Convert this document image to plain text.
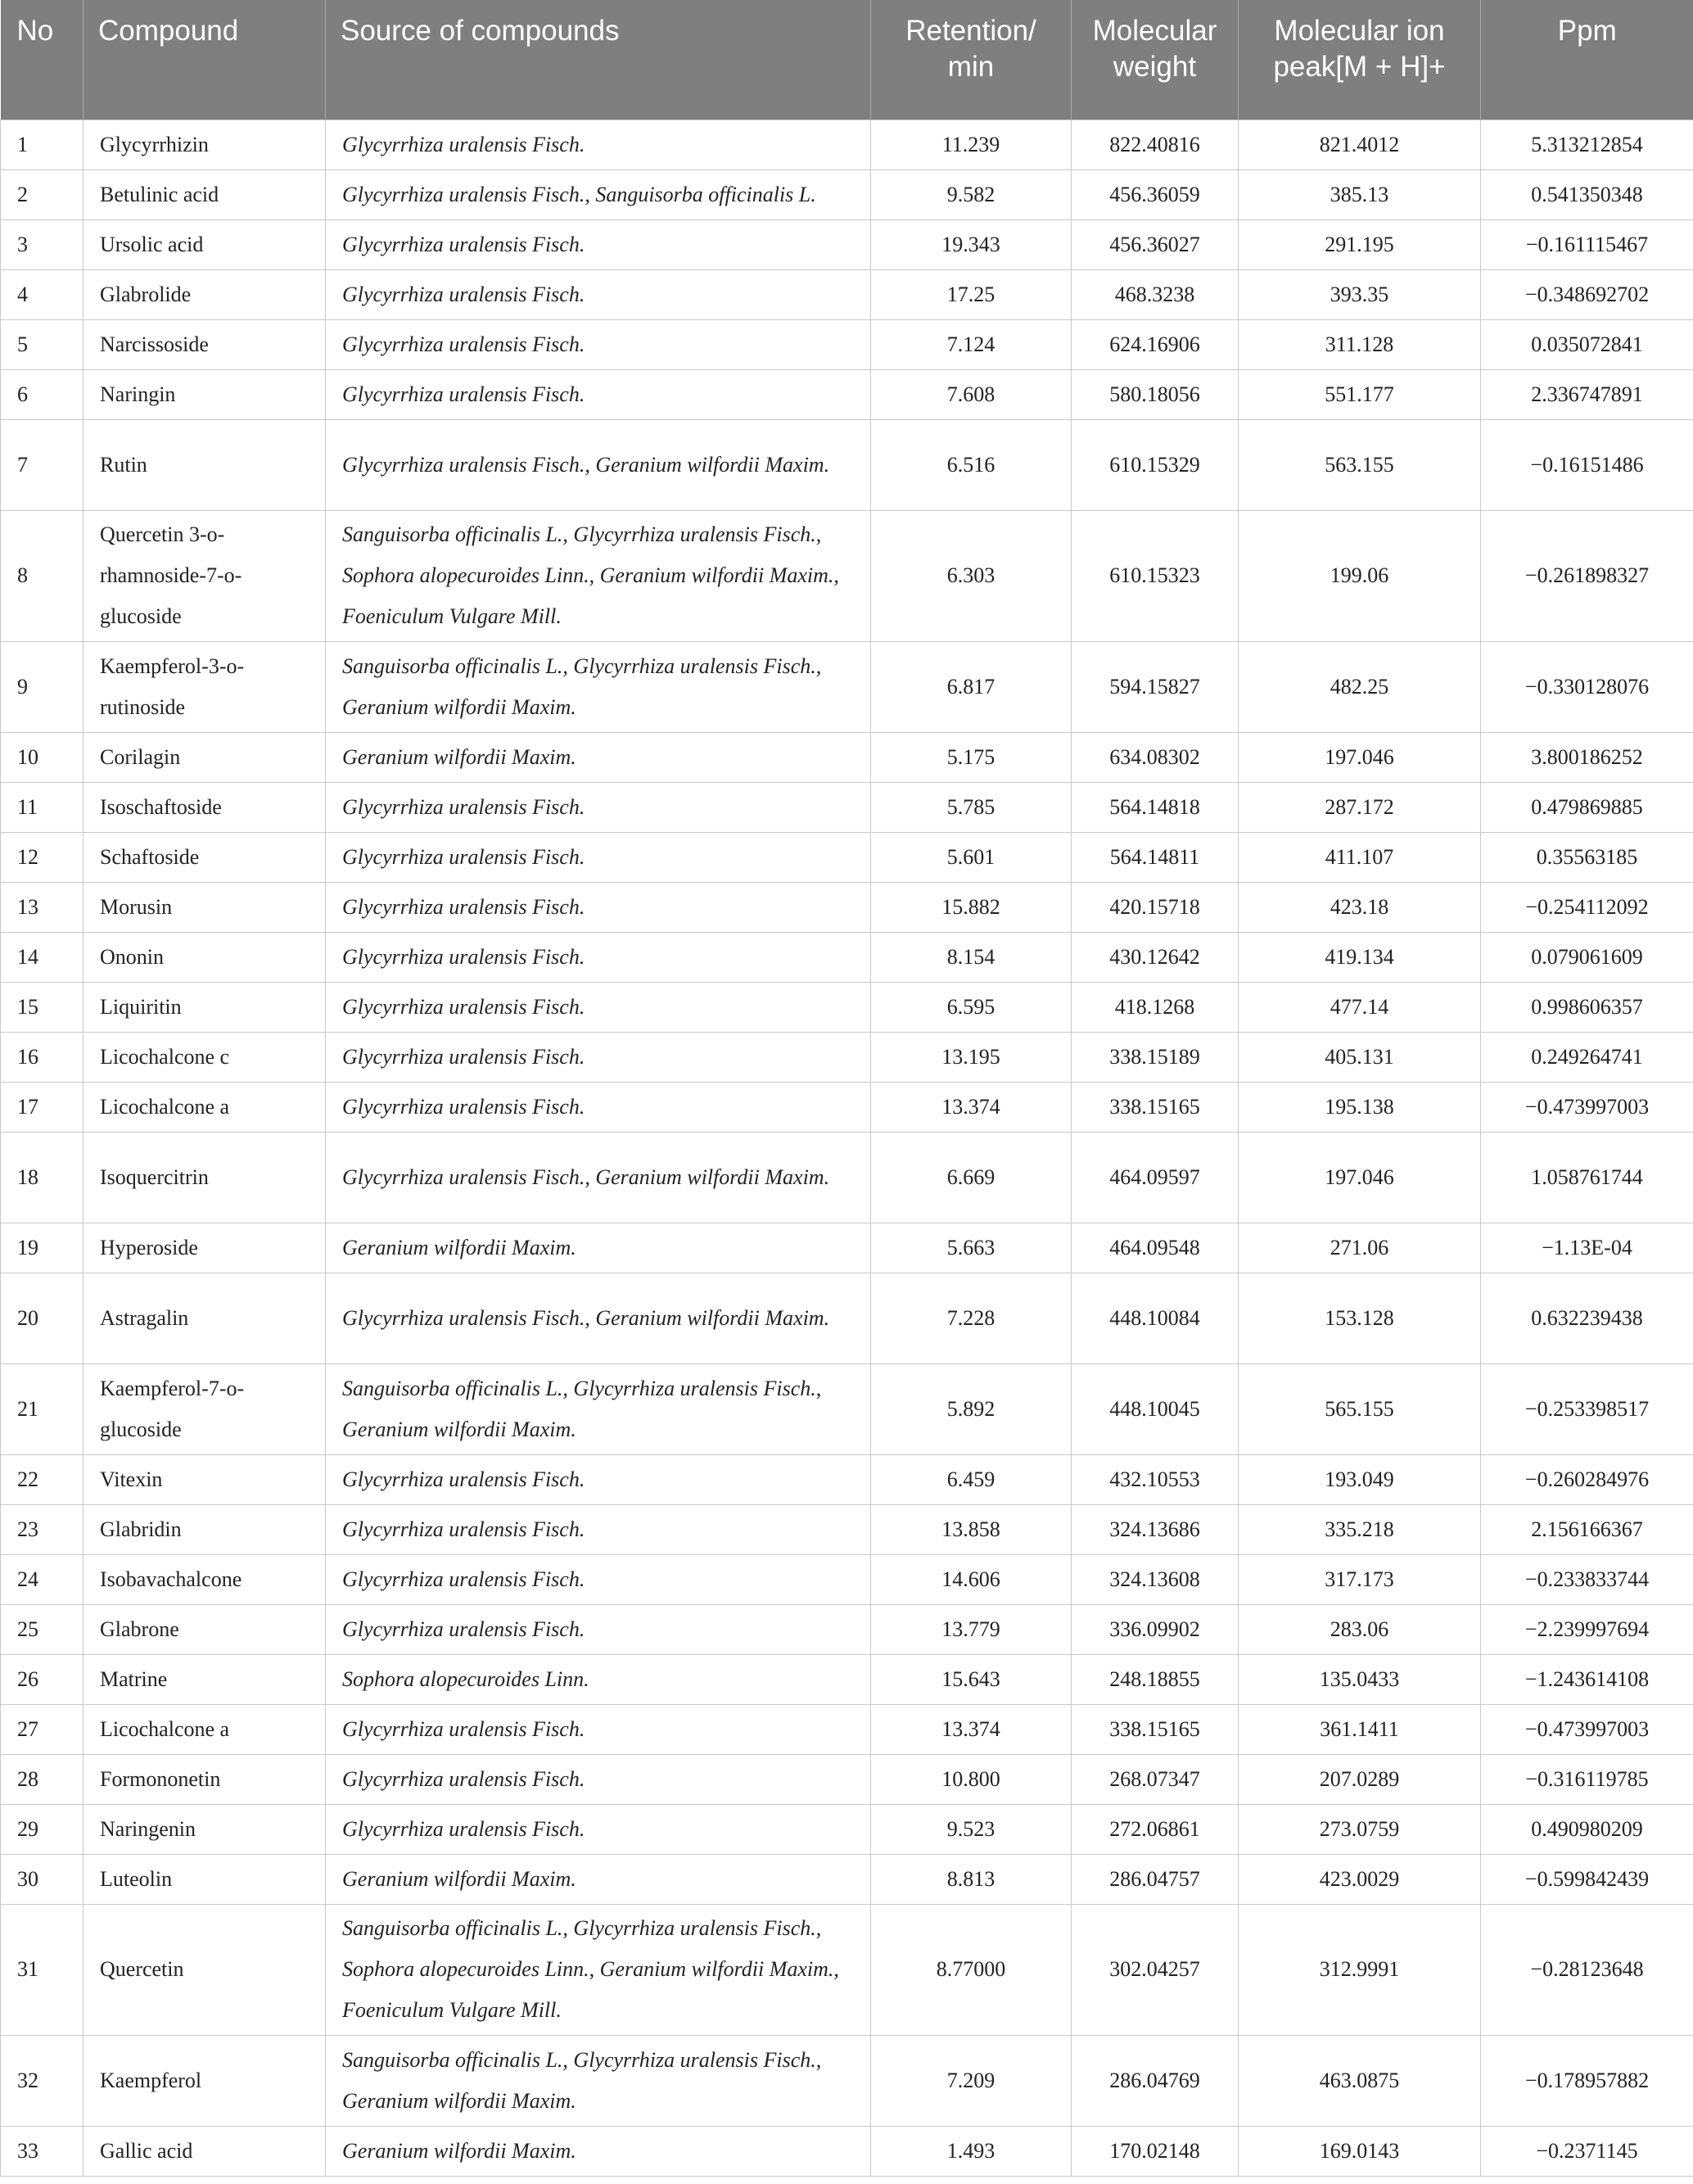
No	Compound	Source of compounds	Retention/ min	Molecular weight	Molecular ion peak[M + H]+	Ppm
1	Glycyrrhizin	Glycyrrhiza uralensis Fisch.	11.239	822.40816	821.4012	5.313212854
2	Betulinic acid	Glycyrrhiza uralensis Fisch., Sanguisorba officinalis L.	9.582	456.36059	385.13	0.541350348
3	Ursolic acid	Glycyrrhiza uralensis Fisch.	19.343	456.36027	291.195	−0.161115467
4	Glabrolide	Glycyrrhiza uralensis Fisch.	17.25	468.3238	393.35	−0.348692702
5	Narcissoside	Glycyrrhiza uralensis Fisch.	7.124	624.16906	311.128	0.035072841
6	Naringin	Glycyrrhiza uralensis Fisch.	7.608	580.18056	551.177	2.336747891
7	Rutin	Glycyrrhiza uralensis Fisch., Geranium wilfordii Maxim.	6.516	610.15329	563.155	−0.16151486
8	Quercetin 3-o-rhamnoside-7-o-glucoside	Sanguisorba officinalis L., Glycyrrhiza uralensis Fisch., Sophora alopecuroides Linn., Geranium wilfordii Maxim., Foeniculum Vulgare Mill.	6.303	610.15323	199.06	−0.261898327
9	Kaempferol-3-o-rutinoside	Sanguisorba officinalis L., Glycyrrhiza uralensis Fisch., Geranium wilfordii Maxim.	6.817	594.15827	482.25	−0.330128076
10	Corilagin	Geranium wilfordii Maxim.	5.175	634.08302	197.046	3.800186252
11	Isoschaftoside	Glycyrrhiza uralensis Fisch.	5.785	564.14818	287.172	0.479869885
12	Schaftoside	Glycyrrhiza uralensis Fisch.	5.601	564.14811	411.107	0.35563185
13	Morusin	Glycyrrhiza uralensis Fisch.	15.882	420.15718	423.18	−0.254112092
14	Ononin	Glycyrrhiza uralensis Fisch.	8.154	430.12642	419.134	0.079061609
15	Liquiritin	Glycyrrhiza uralensis Fisch.	6.595	418.1268	477.14	0.998606357
16	Licochalcone c	Glycyrrhiza uralensis Fisch.	13.195	338.15189	405.131	0.249264741
17	Licochalcone a	Glycyrrhiza uralensis Fisch.	13.374	338.15165	195.138	−0.473997003
18	Isoquercitrin	Glycyrrhiza uralensis Fisch., Geranium wilfordii Maxim.	6.669	464.09597	197.046	1.058761744
19	Hyperoside	Geranium wilfordii Maxim.	5.663	464.09548	271.06	−1.13E-04
20	Astragalin	Glycyrrhiza uralensis Fisch., Geranium wilfordii Maxim.	7.228	448.10084	153.128	0.632239438
21	Kaempferol-7-o-glucoside	Sanguisorba officinalis L., Glycyrrhiza uralensis Fisch., Geranium wilfordii Maxim.	5.892	448.10045	565.155	−0.253398517
22	Vitexin	Glycyrrhiza uralensis Fisch.	6.459	432.10553	193.049	−0.260284976
23	Glabridin	Glycyrrhiza uralensis Fisch.	13.858	324.13686	335.218	2.156166367
24	Isobavachalcone	Glycyrrhiza uralensis Fisch.	14.606	324.13608	317.173	−0.233833744
25	Glabrone	Glycyrrhiza uralensis Fisch.	13.779	336.09902	283.06	−2.239997694
26	Matrine	Sophora alopecuroides Linn.	15.643	248.18855	135.0433	−1.243614108
27	Licochalcone a	Glycyrrhiza uralensis Fisch.	13.374	338.15165	361.1411	−0.473997003
28	Formononetin	Glycyrrhiza uralensis Fisch.	10.800	268.07347	207.0289	−0.316119785
29	Naringenin	Glycyrrhiza uralensis Fisch.	9.523	272.06861	273.0759	0.490980209
30	Luteolin	Geranium wilfordii Maxim.	8.813	286.04757	423.0029	−0.599842439
31	Quercetin	Sanguisorba officinalis L., Glycyrrhiza uralensis Fisch., Sophora alopecuroides Linn., Geranium wilfordii Maxim., Foeniculum Vulgare Mill.	8.77000	302.04257	312.9991	−0.28123648
32	Kaempferol	Sanguisorba officinalis L., Glycyrrhiza uralensis Fisch., Geranium wilfordii Maxim.	7.209	286.04769	463.0875	−0.178957882
33	Gallic acid	Geranium wilfordii Maxim.	1.493	170.02148	169.0143	−0.2371145
